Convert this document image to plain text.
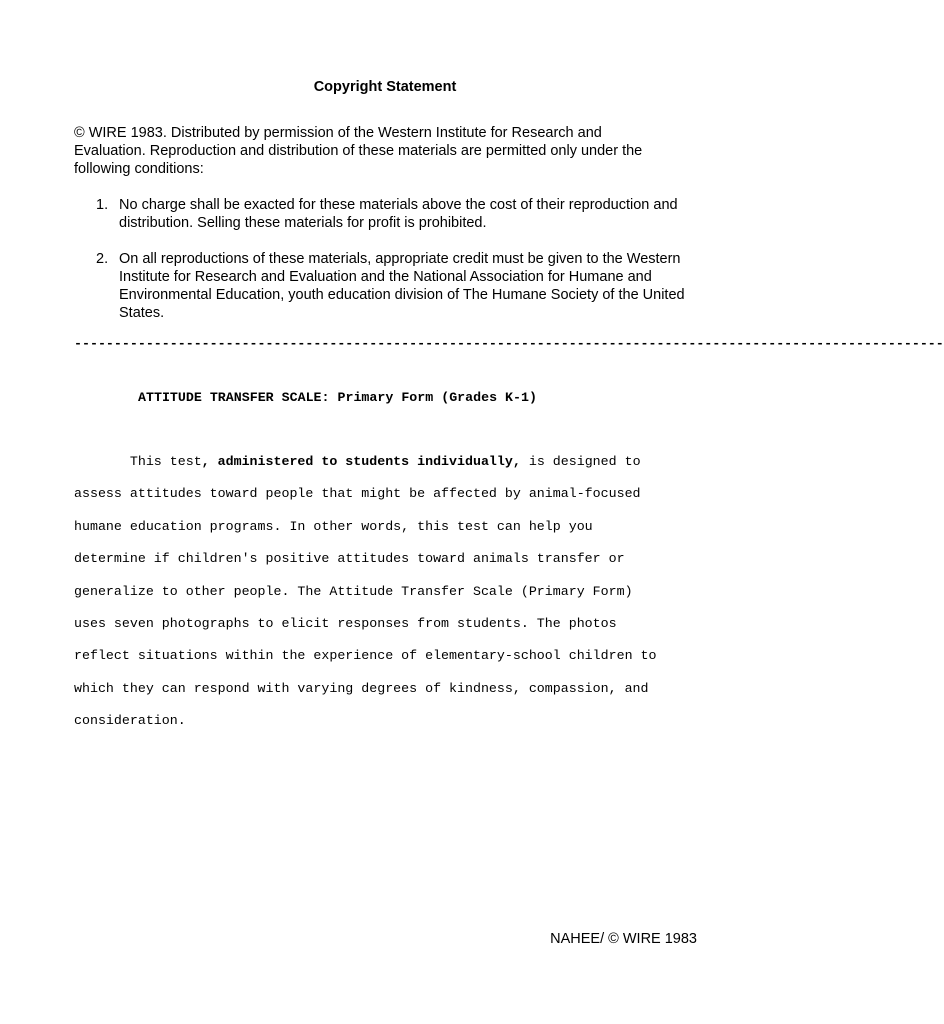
Copyright Statement

© WIRE 1983. Distributed by permission of the Western Institute for Research and Evaluation. Reproduction and distribution of these materials are permitted only under the following conditions:

1. No charge shall be exacted for these materials above the cost of their reproduction and distribution. Selling these materials for profit is prohibited.
2. On all reproductions of these materials, appropriate credit must be given to the Western Institute for Research and Evaluation and the National Association for Humane and Environmental Education, youth education division of The Humane Society of the United States.
-------------------------------------------------------------------------------------------------------------
ATTITUDE TRANSFER SCALE: Primary Form (Grades K-1)

This test, administered to students individually, is designed to
assess attitudes toward people that might be affected by animal-focused
humane education programs. In other words, this test can help you
determine if children's positive attitudes toward animals transfer or
generalize to other people. The Attitude Transfer Scale (Primary Form)
uses seven photographs to elicit responses from students. The photos
reflect situations within the experience of elementary-school children to
which they can respond with varying degrees of kindness, compassion, and
consideration.

NAHEE/ © WIRE 1983
